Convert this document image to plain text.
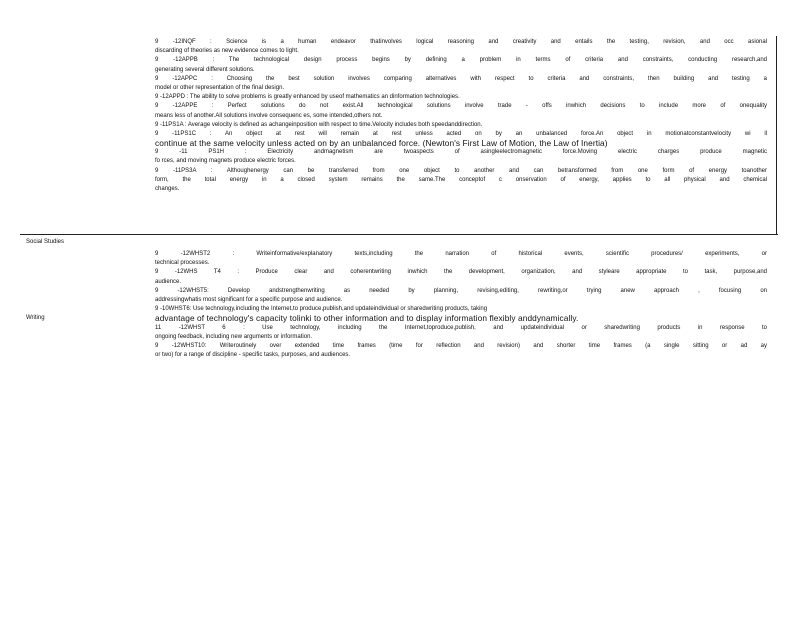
Social Studies
Writing
9 -12INQF : Science is a human endeavor thatinvolves logical reasoning and creativity and entails the testing, revision, and occ asional
discarding of theories as new evidence comes to light.
9 -12APPB : The technological design process begins by defining a problem in terms of criteria and constraints, conducting research,and
generating several different solutions.
9 -12APPC : Choosing the best solution involves comparing alternatives with respect to criteria and constraints, then building and testing a
model or other representation of the final design.
9 -12APPD : The ability to solve problems is greatly enhanced by useof mathematics an dinformation technologies.
9 -12APPE : Perfect solutions do not exist.All technological solutions involve trade - offs inwhich decisions to include more of onequality
means less of another.All solutions involve consequenc es, some intended,others not.
9 -11PS1A : Average velocity is defined as achangeinposition with respect to time.Velocity includes both speedanddirection.
9 -11PS1C : An object at rest will remain at rest unless acted on by an unbalanced force.An object in motionatconstantvelocity wi ll
continue at the same velocity unless acted on by an unbalanced force. (Newton's First Law of Motion, the Law of Inertia)
9 -11 PS1H : Electricity andmagnetism are twoaspects of asingleelectromagnetic force.Moving electric charges produce magnetic
fo rces, and moving magnets produce electric forces.
9 -11PS3A : Althoughenergy can be transferred from one object to another and can betransformed from one form of energy toanother
form, the total energy in a closed system remains the same.The conceptof c onservation of energy, applies to all physical and chemical
changes.
9 -12WHST2 : Writeinformative/explanatory texts,including the narration of historical events, scientific procedures/ experiments, or
technical processes.
9 -12WHS T4 : Produce clear and coherentwriting inwhich the development, organization, and styleare appropriate to task, purpose,and
audience.
9 -12WHST5: Develop andstrengthenwriting as needed by planning, revising,editing, rewriting,or trying anew approach , focusing on
addressingwhatis most significant for a specific purpose and audience.
9 -10WHST6: Use technology,including the Internet,to produce,publish,and updateindividual or sharedwriting products, taking
advantage of technology's capacity tolinki to other information and to display information flexibly anddynamically.
11 -12WHST 6 : Use technology, including the Internet,toproduce,publish, and updateindividual or sharedwriting products in response to
ongoing feedback, including new arguments or information.
9 -12WHST10: Writeroutinely over extended time frames (time for reflection and revision) and shorter time frames (a single sitting or ad ay
or two) for a range of discipline - specific tasks, purposes, and audiences.
